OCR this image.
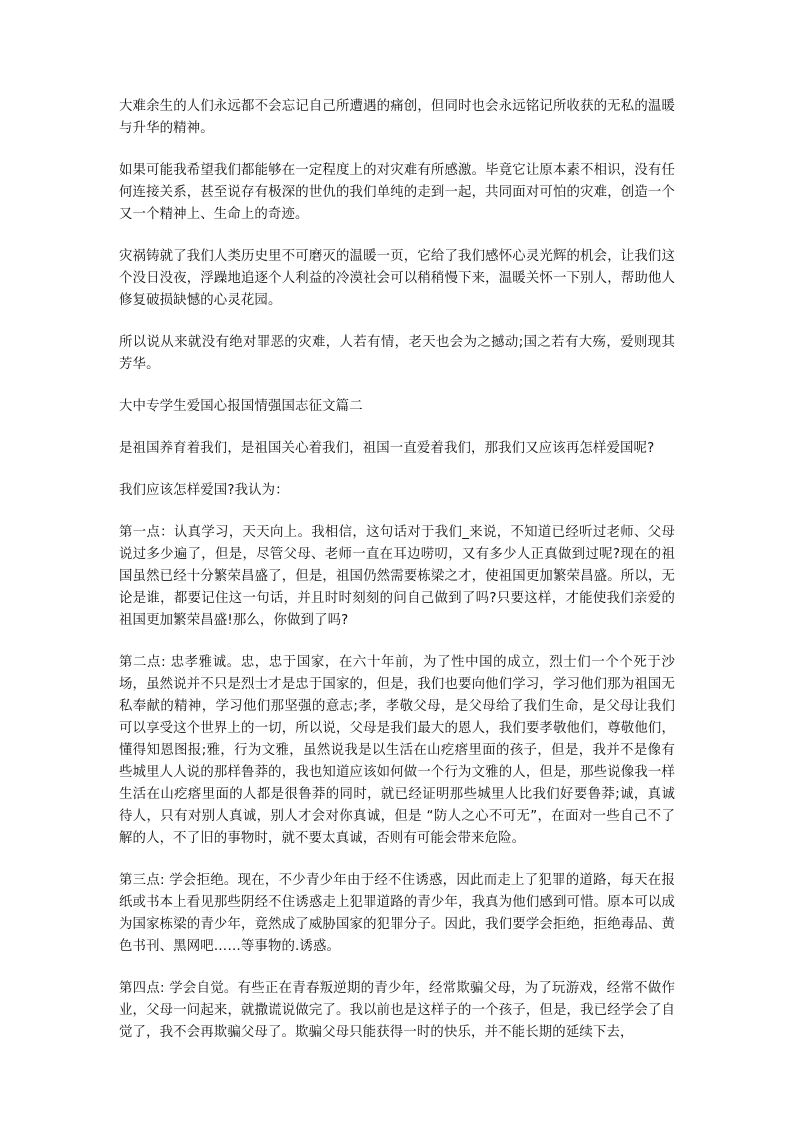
大难余生的人们永远都不会忘记自己所遭遇的痛创，但同时也会永远铭记所收获的无私的温暖与升华的精神。

如果可能我希望我们都能够在一定程度上的对灾难有所感激。毕竟它让原本素不相识，没有任何连接关系，甚至说存有极深的世仇的我们单纯的走到一起，共同面对可怕的灾难，创造一个又一个精神上、生命上的奇迹。

灾祸铸就了我们人类历史里不可磨灭的温暖一页，它给了我们感怀心灵光辉的机会，让我们这个没日没夜，浮躁地追逐个人利益的冷漠社会可以稍稍慢下来，温暖关怀一下别人，帮助他人修复破损缺憾的心灵花园。

所以说从来就没有绝对罪恶的灾难，人若有情，老天也会为之撼动;国之若有大殇，爱则现其芳华。

大中专学生爱国心报国情强国志征文篇二

是祖国养育着我们，是祖国关心着我们，祖国一直爱着我们，那我们又应该再怎样爱国呢?

我们应该怎样爱国?我认为：

第一点：认真学习，天天向上。我相信，这句话对于我们_来说，不知道已经听过老师、父母说过多少遍了，但是，尽管父母、老师一直在耳边唠叨，又有多少人正真做到过呢?现在的祖国虽然已经十分繁荣昌盛了，但是，祖国仍然需要栋梁之才，使祖国更加繁荣昌盛。所以，无论是谁，都要记住这一句话，并且时时刻刻的问自己做到了吗?只要这样，才能使我们亲爱的祖国更加繁荣昌盛!那么，你做到了吗?

第二点: 忠孝雅诚。忠，忠于国家，在六十年前，为了性中国的成立，烈士们一个个死于沙场，虽然说并不只是烈士才是忠于国家的，但是，我们也要向他们学习，学习他们那为祖国无私奉献的精神，学习他们那坚强的意志;孝，孝敬父母，是父母给了我们生命，是父母让我们可以享受这个世界上的一切，所以说，父母是我们最大的恩人，我们要孝敬他们，尊敬他们，懂得知恩图报;雅，行为文雅，虽然说我是以生活在山疙瘩里面的孩子，但是，我并不是像有些城里人人说的那样鲁莽的，我也知道应该如何做一个行为文雅的人，但是，那些说像我一样生活在山疙瘩里面的人都是很鲁莽的同时，就已经证明那些城里人比我们好要鲁莽;诚，真诚待人，只有对别人真诚，别人才会对你真诚，但是 “防人之心不可无”，在面对一些自己不了解的人，不了旧的事物时，就不要太真诚，否则有可能会带来危险。

第三点: 学会拒绝。现在，不少青少年由于经不住诱惑，因此而走上了犯罪的道路，每天在报纸或书本上看见那些阴经不住诱惑走上犯罪道路的青少年，我真为他们感到可惜。原本可以成为国家栋梁的青少年，竟然成了威胁国家的犯罪分子。因此，我们要学会拒绝，拒绝毒品、黄色书刊、黑网吧……等事物的.诱惑。

第四点: 学会自觉。有些正在青春叛逆期的青少年，经常欺骗父母，为了玩游戏，经常不做作业，父母一问起来，就撒谎说做完了。我以前也是这样子的一个孩子，但是，我已经学会了自觉了，我不会再欺骗父母了。欺骗父母只能获得一时的快乐，并不能长期的延续下去，
